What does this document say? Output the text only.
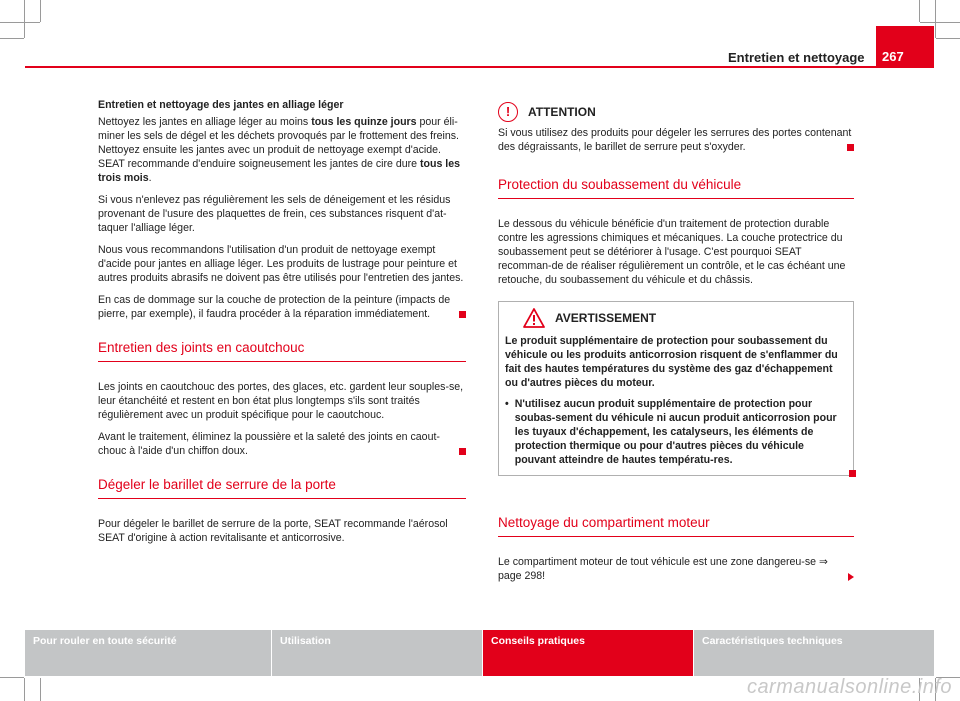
Entretien et nettoyage	267
Entretien et nettoyage des jantes en alliage léger

Nettoyez les jantes en alliage léger au moins tous les quinze jours pour éli-miner les sels de dégel et les déchets provoqués par le frottement des freins. Nettoyez ensuite les jantes avec un produit de nettoyage exempt d'acide. SEAT recommande d'enduire soigneusement les jantes de cire dure tous les trois mois.

Si vous n'enlevez pas régulièrement les sels de déneigement et les résidus provenant de l'usure des plaquettes de frein, ces substances risquent d'at-taquer l'alliage léger.

Nous vous recommandons l'utilisation d'un produit de nettoyage exempt d'acide pour jantes en alliage léger. Les produits de lustrage pour peinture et autres produits abrasifs ne doivent pas être utilisés pour l'entretien des jantes.

En cas de dommage sur la couche de protection de la peinture (impacts de pierre, par exemple), il faudra procéder à la réparation immédiatement.

Entretien des joints en caoutchouc

Les joints en caoutchouc des portes, des glaces, etc. gardent leur souples-se, leur étanchéité et restent en bon état plus longtemps s'ils sont traités régulièrement avec un produit spécifique pour le caoutchouc.

Avant le traitement, éliminez la poussière et la saleté des joints en caout-chouc à l'aide d'un chiffon doux.

Dégeler le barillet de serrure de la porte

Pour dégeler le barillet de serrure de la porte, SEAT recommande l'aérosol SEAT d'origine à action revitalisante et anticorrosive.

!	ATTENTION

Si vous utilisez des produits pour dégeler les serrures des portes contenant des dégraissants, le barillet de serrure peut s'oxyder.

Protection du soubassement du véhicule

Le dessous du véhicule bénéficie d'un traitement de protection durable contre les agressions chimiques et mécaniques. La couche protectrice du soubassement peut se détériorer à l'usage. C'est pourquoi SEAT recomman-de de réaliser régulièrement un contrôle, et le cas échéant une retouche, du soubassement du véhicule et du châssis.

AVERTISSEMENT

Le produit supplémentaire de protection pour soubassement du véhicule ou les produits anticorrosion risquent de s'enflammer du fait des hautes températures du système des gaz d'échappement ou d'autres pièces du moteur.

• N'utilisez aucun produit supplémentaire de protection pour soubas-sement du véhicule ni aucun produit anticorrosion pour les tuyaux d'échappement, les catalyseurs, les éléments de protection thermique ou pour d'autres pièces du véhicule pouvant atteindre de hautes températu-res.

Nettoyage du compartiment moteur

Le compartiment moteur de tout véhicule est une zone dangereu-se ⇒ page 298!

Pour rouler en toute sécurité	Utilisation	Conseils pratiques	Caractéristiques techniques
carmanualsonline.info
